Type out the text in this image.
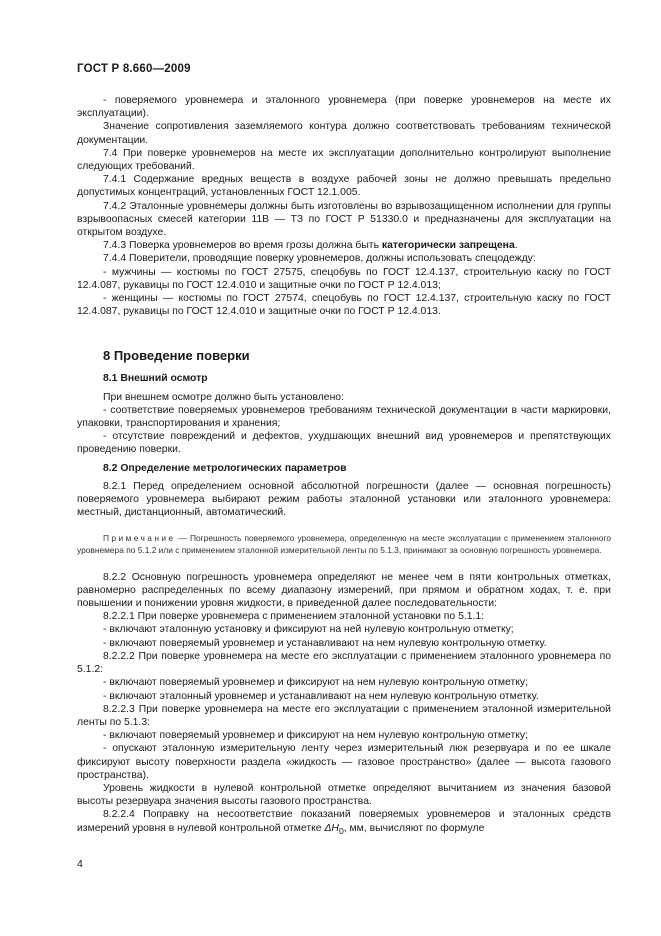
ГОСТ Р 8.660—2009

- поверяемого уровнемера и эталонного уровнемера (при поверке уровнемеров на месте их эксплуатации).

Значение сопротивления заземляемого контура должно соответствовать требованиям технической документации.

7.4 При поверке уровнемеров на месте их эксплуатации дополнительно контролируют выполнение следующих требований.

7.4.1 Содержание вредных веществ в воздухе рабочей зоны не должно превышать предельно допустимых концентраций, установленных ГОСТ 12.1.005.

7.4.2 Эталонные уровнемеры должны быть изготовлены во взрывозащищенном исполнении для группы взрывоопасных смесей категории 11В — ТЗ по ГОСТ Р 51330.0 и предназначены для эксплуатации на открытом воздухе.

7.4.3 Поверка уровнемеров во время грозы должна быть категорически запрещена.

7.4.4 Поверители, проводящие поверку уровнемеров, должны использовать спецодежду:

- мужчины — костюмы по ГОСТ 27575, спецобувь по ГОСТ 12.4.137, строительную каску по ГОСТ 12.4.087, рукавицы по ГОСТ 12.4.010 и защитные очки по ГОСТ Р 12.4.013;

- женщины — костюмы по ГОСТ 27574, спецобувь по ГОСТ 12.4.137, строительную каску по ГОСТ 12.4.087, рукавицы по ГОСТ 12.4.010 и защитные очки по ГОСТ Р 12.4.013.

8 Проведение поверки
8.1 Внешний осмотр

При внешнем осмотре должно быть установлено:

- соответствие поверяемых уровнемеров требованиям технической документации в части маркировки, упаковки, транспортирования и хранения;

- отсутствие повреждений и дефектов, ухудшающих внешний вид уровнемеров и препятствующих проведению поверки.

8.2 Определение метрологических параметров

8.2.1 Перед определением основной абсолютной погрешности (далее — основная погрешность) поверяемого уровнемера выбирают режим работы эталонной установки или эталонного уровнемера: местный, дистанционный, автоматический.

Примечание — Погрешность поверяемого уровнемера, определенную на месте эксплуатации с применением эталонного уровнемера по 5.1.2 или с применением эталонной измерительной ленты по 5.1.3, принимают за основную погрешность уровнемера.

8.2.2 Основную погрешность уровнемера определяют не менее чем в пяти контрольных отметках, равномерно распределенных по всему диапазону измерений, при прямом и обратном ходах, т. е. при повышении и понижении уровня жидкости, в приведенной далее последовательности:

8.2.2.1 При поверке уровнемера с применением эталонной установки по 5.1.1:

- включают эталонную установку и фиксируют на ней нулевую контрольную отметку;

- включают поверяемый уровнемер и устанавливают на нем нулевую контрольную отметку.

8.2.2.2 При поверке уровнемера на месте его эксплуатации с применением эталонного уровнемера по 5.1.2:

- включают поверяемый уровнемер и фиксируют на нем нулевую контрольную отметку;

- включают эталонный уровнемер и устанавливают на нем нулевую контрольную отметку.

8.2.2.3 При поверке уровнемера на месте его эксплуатации с применением эталонной измерительной ленты по 5.1.3:

- включают поверяемый уровнемер и фиксируют на нем нулевую контрольную отметку;

- опускают эталонную измерительную ленту через измерительный люк резервуара и по ее шкале фиксируют высоту поверхности раздела «жидкость — газовое пространство» (далее — высота газового пространства).

Уровень жидкости в нулевой контрольной отметке определяют вычитанием из значения базовой высоты резервуара значения высоты газового пространства.

8.2.2.4 Поправку на несоответствие показаний поверяемых уровнемеров и эталонных средств измерений уровня в нулевой контрольной отметке $\Delta H_0$, мм, вычисляют по формуле

4
